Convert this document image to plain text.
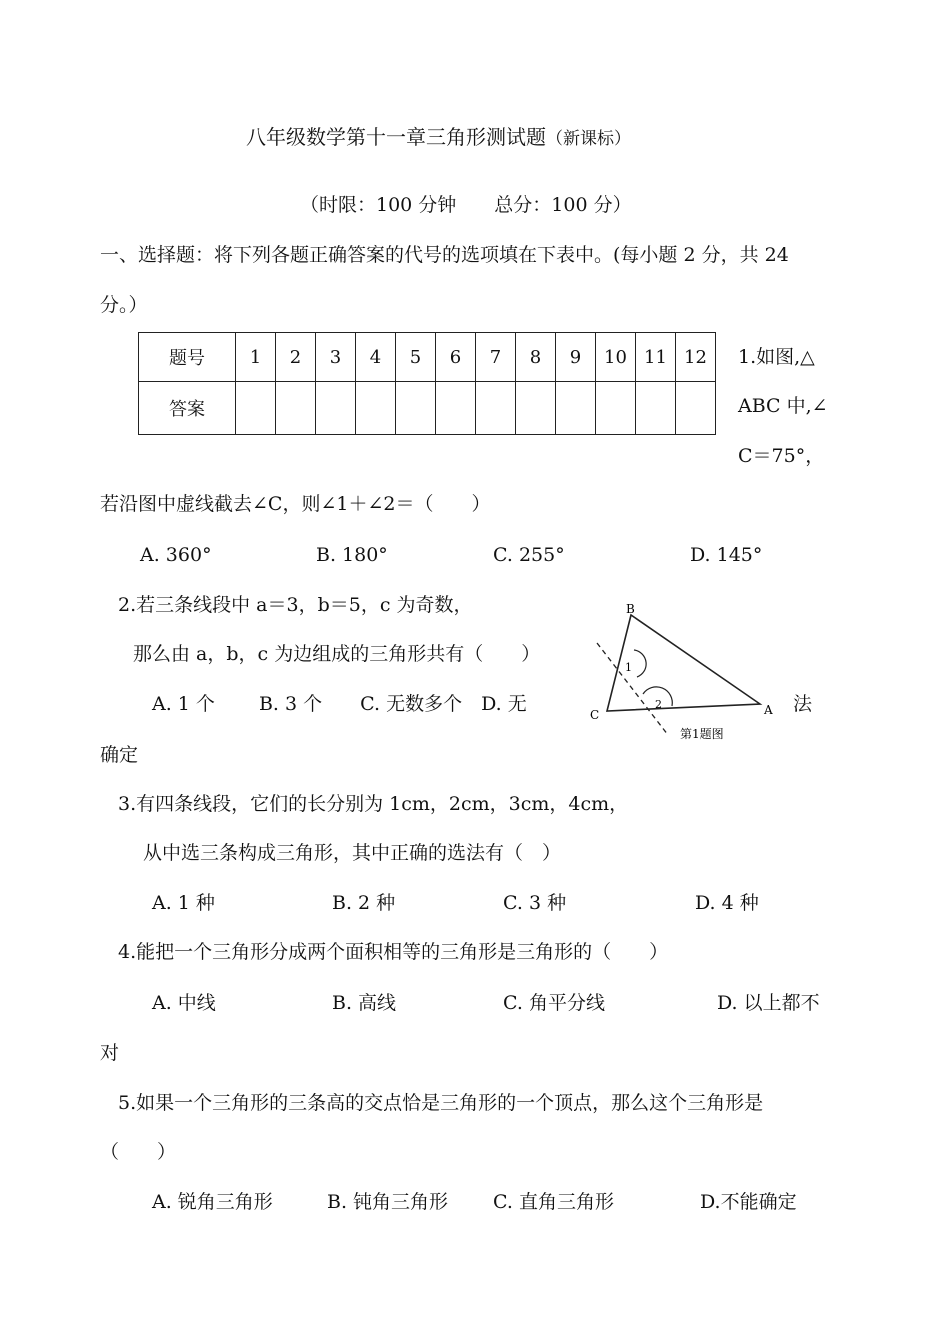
八年级数学第十一章三角形测试题（新课标）
（时限：100 分钟　　总分：100 分）
一、选择题：将下列各题正确答案的代号的选项填在下表中。(每小题 2 分，共 24
分。）
题号	1	2	3	4	5	6	7	8	9	10	11	12
答案												
1.如图,△
ABC 中,∠
C＝75°，
若沿图中虚线截去∠C，则∠1＋∠2＝（　　）
A. 360°	B. 180°	C. 255°	D. 145°
B
C	A
1
2
第1题图
2.若三条线段中 a＝3，b＝5，c 为奇数，
那么由 a，b，c 为边组成的三角形共有（　　）
A. 1 个　　 B. 3 个　　C. 无数多个　D. 无	法
确定
3.有四条线段，它们的长分别为 1cm，2cm，3cm，4cm，
从中选三条构成三角形，其中正确的选法有（　）
A. 1 种	B. 2 种	C. 3 种	D. 4 种
4.能把一个三角形分成两个面积相等的三角形是三角形的（　　）
A. 中线	B. 高线	C. 角平分线	D. 以上都不
对
5.如果一个三角形的三条高的交点恰是三角形的一个顶点，那么这个三角形是
（　　）
A. 锐角三角形	B. 钝角三角形 C. 直角三角形	D.不能确定
